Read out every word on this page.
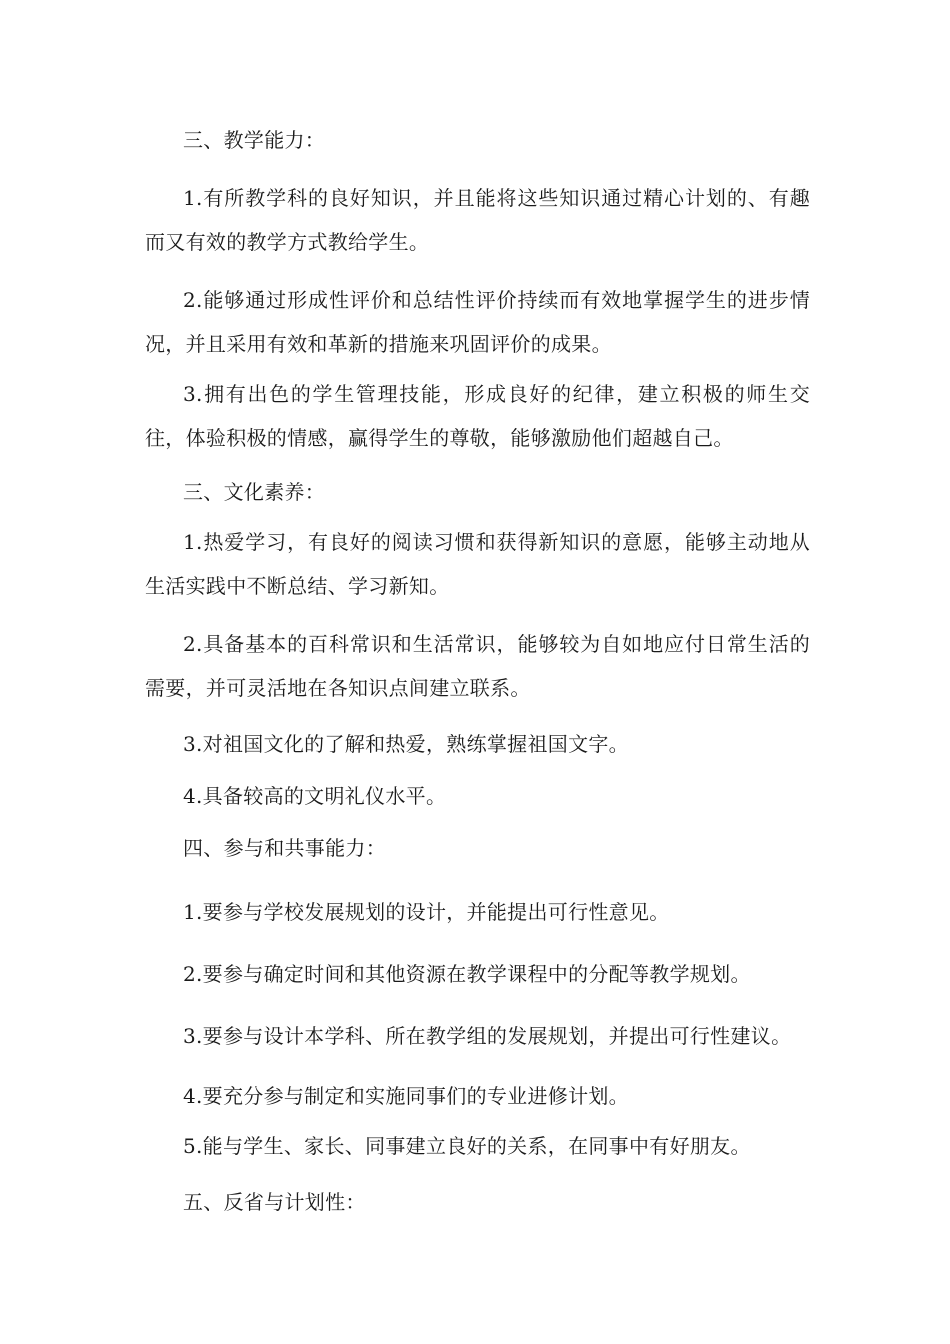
三、教学能力：

1.有所教学科的良好知识，并且能将这些知识通过精心计划的、有趣而又有效的教学方式教给学生。

2.能够通过形成性评价和总结性评价持续而有效地掌握学生的进步情况，并且采用有效和革新的措施来巩固评价的成果。

3.拥有出色的学生管理技能，形成良好的纪律，建立积极的师生交往，体验积极的情感，赢得学生的尊敬，能够激励他们超越自己。

三、文化素养：

1.热爱学习，有良好的阅读习惯和获得新知识的意愿，能够主动地从生活实践中不断总结、学习新知。

2.具备基本的百科常识和生活常识，能够较为自如地应付日常生活的需要，并可灵活地在各知识点间建立联系。

3.对祖国文化的了解和热爱，熟练掌握祖国文字。

4.具备较高的文明礼仪水平。

四、参与和共事能力：

1.要参与学校发展规划的设计，并能提出可行性意见。

2.要参与确定时间和其他资源在教学课程中的分配等教学规划。

3.要参与设计本学科、所在教学组的发展规划，并提出可行性建议。

4.要充分参与制定和实施同事们的专业进修计划。

5.能与学生、家长、同事建立良好的关系，在同事中有好朋友。

五、反省与计划性：
